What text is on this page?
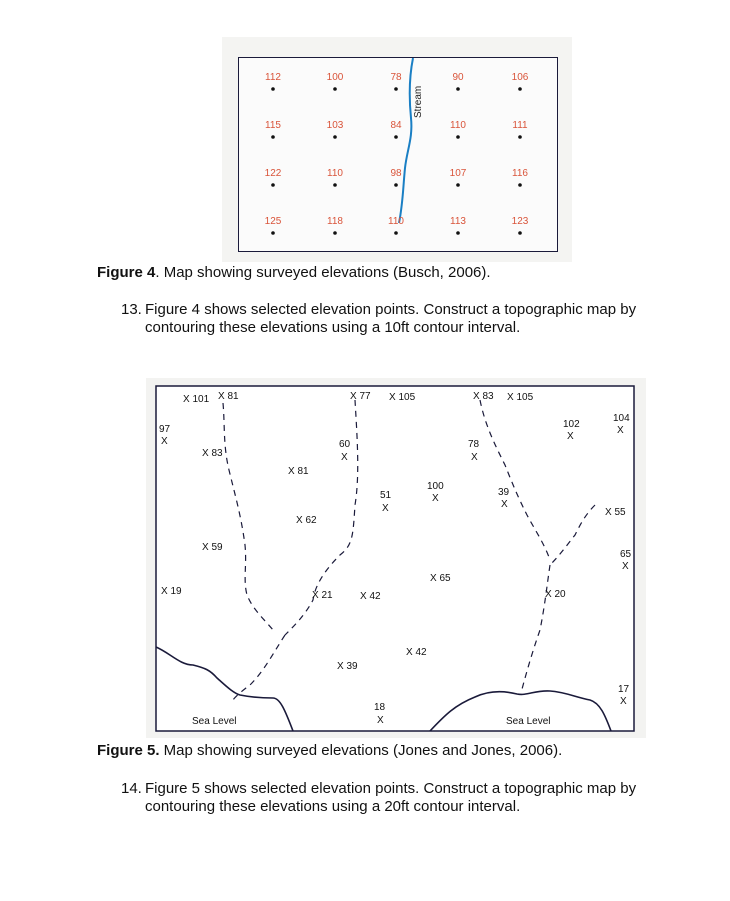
Stream
112	100	78	90	106
115	103	84	110	111
122	110	98	107	116
125	118	110	113	123
Figure 4. Map showing surveyed elevations (Busch, 2006).
13. Figure 4 shows selected elevation points. Construct a topographic map by
contouring these elevations using a 10ft contour interval.
X 101 X 81	X 77 X 105	X 83 X 105
97
X
104
X
102
X
60
X
78
X
X 83
X 81
100
X
51
X
39
X
X 55
X 62
65
X
X 59
X 65
X 19	X 21	X 42	X 20
X 42
X 39
17
X
18
X
Sea Level	Sea Level
Figure 5. Map showing surveyed elevations (Jones and Jones, 2006).
14. Figure 5 shows selected elevation points. Construct a topographic map by
contouring these elevations using a 20ft contour interval.
